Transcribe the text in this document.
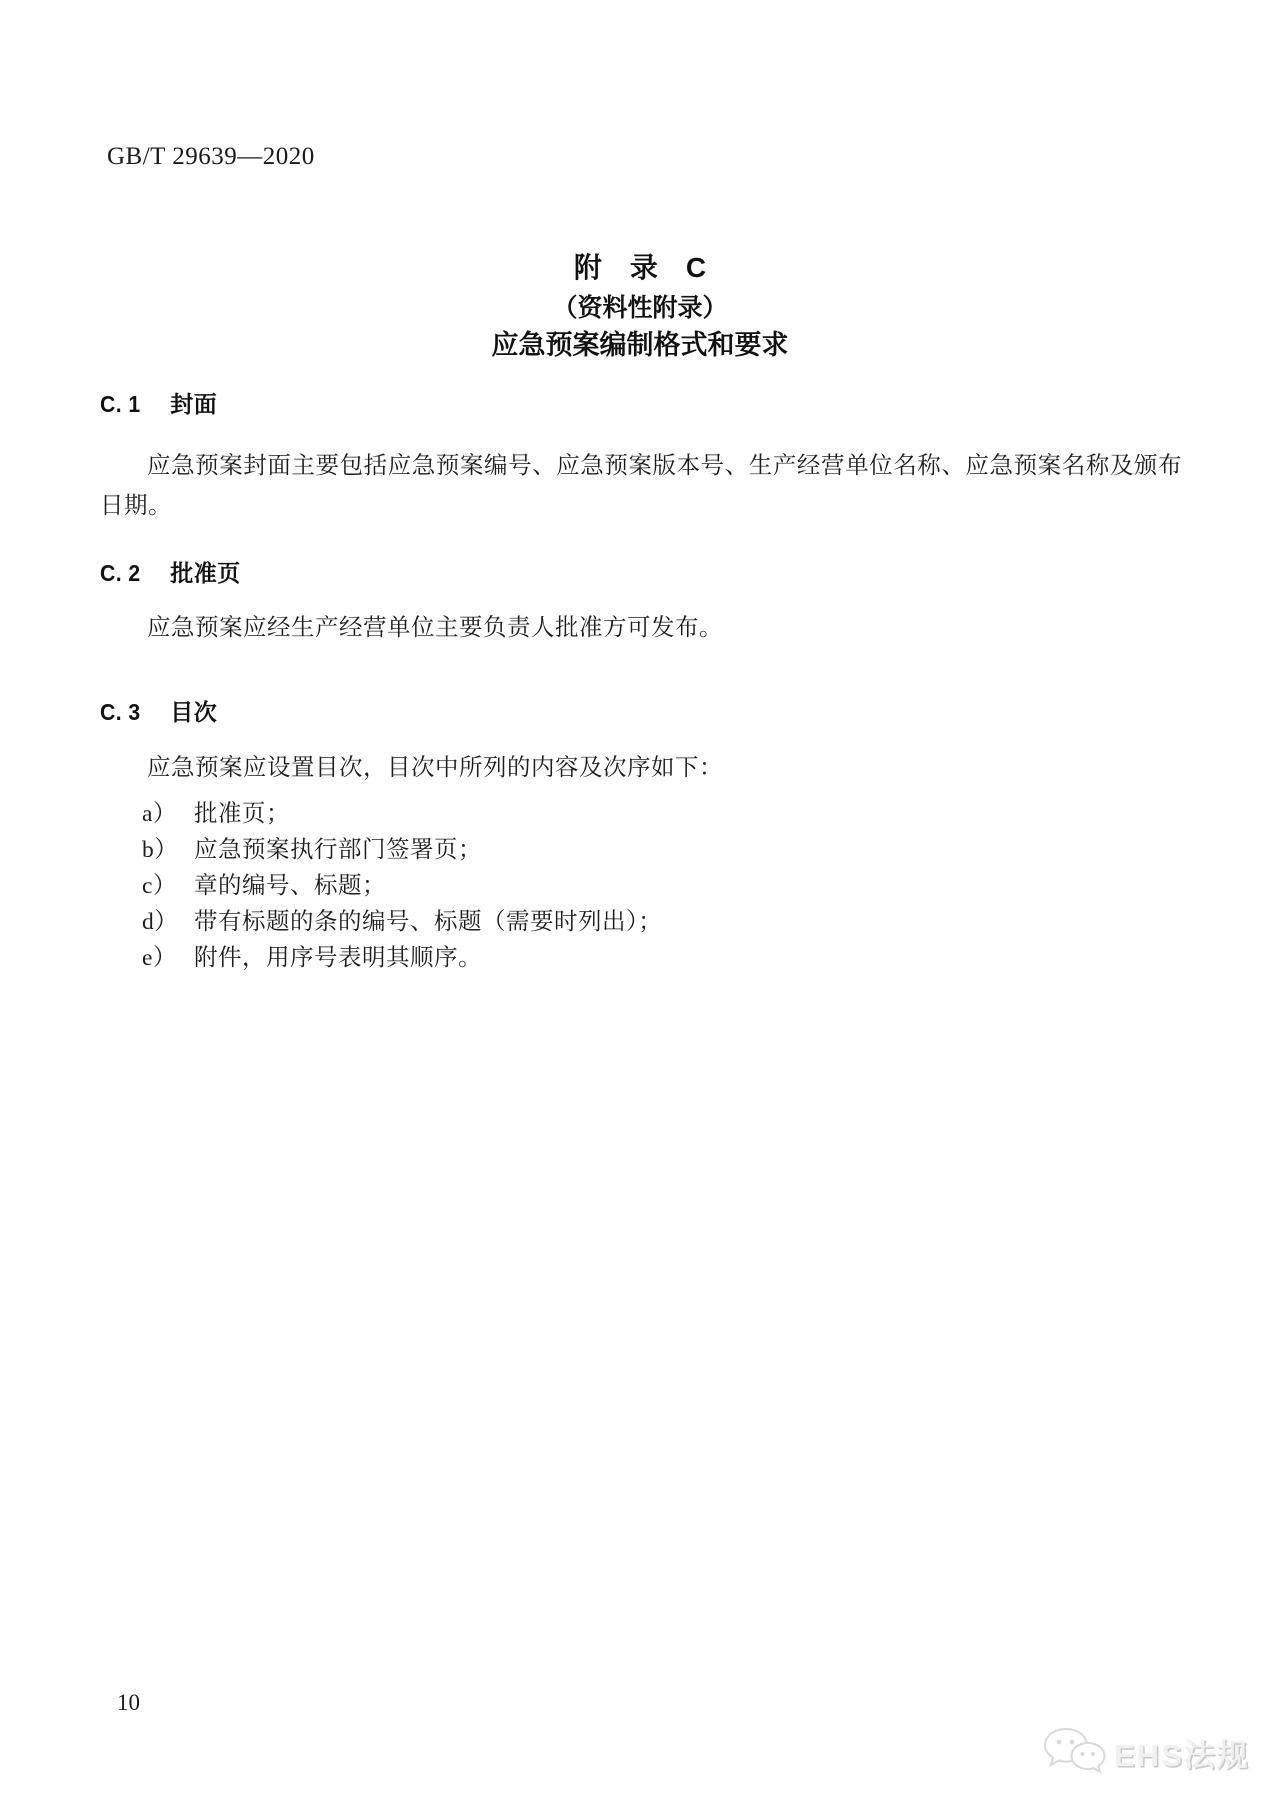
GB/T 29639—2020
附　录　C
（资料性附录）
应急预案编制格式和要求
C. 1 封面
应急预案封面主要包括应急预案编号、应急预案版本号、生产经营单位名称、应急预案名称及颁布日期。
C. 2 批准页
应急预案应经生产经营单位主要负责人批准方可发布。
C. 3 目次
应急预案应设置目次，目次中所列的内容及次序如下：
a） 批准页；
b） 应急预案执行部门签署页；
c） 章的编号、标题；
d） 带有标题的条的编号、标题（需要时列出）；
e） 附件，用序号表明其顺序。
10
EHS法规
